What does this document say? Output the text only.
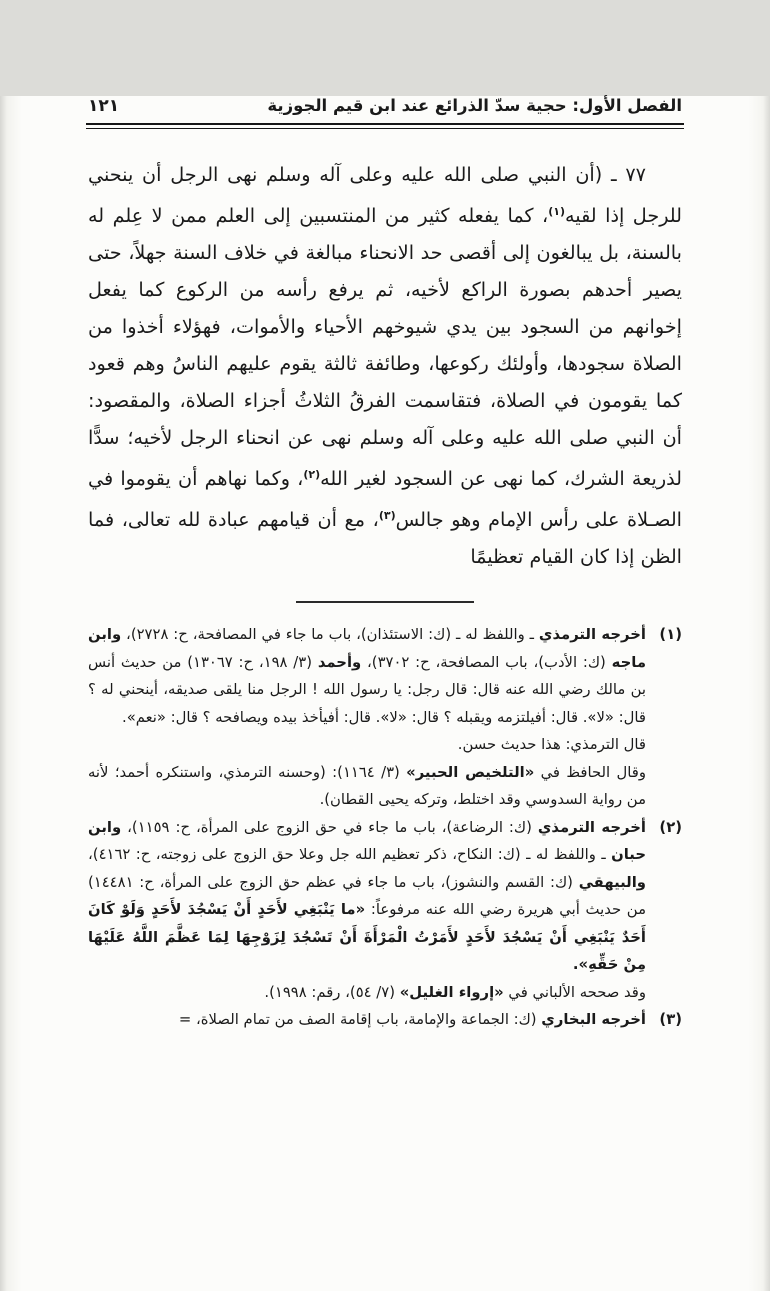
الفصل الأول: حجية سدّ الذرائع عند ابن قيم الجوزية
١٢١

٧٧ ـ (أن النبي صلى الله عليه وعلى آله وسلم نهى الرجل أن ينحني للرجل إذا لقيه$^{(١)}$، كما يفعله كثير من المنتسبين إلى العلم ممن لا عِلم له بالسنة، بل يبالغون إلى أقصى حد الانحناء مبالغة في خلاف السنة جهلاً، حتى يصير أحدهم بصورة الراكع لأخيه، ثم يرفع رأسه من الركوع كما يفعل إخوانهم من السجود بين يدي شيوخهم الأحياء والأموات، فهؤلاء أخذوا من الصلاة سجودها، وأولئك ركوعها، وطائفة ثالثة يقوم عليهم الناسُ وهم قعود كما يقومون في الصلاة، فتقاسمت الفرقُ الثلاثُ أجزاء الصلاة، والمقصود: أن النبي صلى الله عليه وعلى آله وسلم نهى عن انحناء الرجل لأخيه؛ سدًّا لذريعة الشرك، كما نهى عن السجود لغير الله$^{(٢)}$، وكما نهاهم أن يقوموا في الصـلاة على رأس الإمام وهو جالس$^{(٣)}$، مع أن قيامهم عبادة لله تعالى، فما الظن إذا كان القيام تعظيمًا

(١)
أخرجه الترمذي ـ واللفظ له ـ (ك: الاستئذان)، باب ما جاء في المصافحة، ح: ٢٧٢٨)، وابن ماجه (ك: الأدب)، باب المصافحة، ح: ٣٧٠٢)، وأحمد (٣/ ١٩٨، ح: ١٣٠٦٧) من حديث أنس بن مالك رضي الله عنه قال: قال رجل: يا رسول الله ! الرجل منا يلقى صديقه، أينحني له ؟ قال: «لا». قال: أفيلتزمه ويقبله ؟ قال: «لا». قال: أفيأخذ بيده ويصافحه ؟ قال: «نعم».
قال الترمذي: هذا حديث حسن.
وقال الحافظ في «التلخيص الحبير» (٣/ ١١٦٤): (وحسنه الترمذي، واستنكره أحمد؛ لأنه من رواية السدوسي وقد اختلط، وتركه يحيى القطان).
(٢)
أخرجه الترمذي (ك: الرضاعة)، باب ما جاء في حق الزوج على المرأة، ح: ١١٥٩)، وابن حبان ـ واللفظ له ـ (ك: النكاح، ذكر تعظيم الله جل وعلا حق الزوج على زوجته، ح: ٤١٦٢)، والبيهقي (ك: القسم والنشوز)، باب ما جاء في عظم حق الزوج على المرأة، ح: ١٤٤٨١) من حديث أبي هريرة رضي الله عنه مرفوعاً: «ما يَنْبَغِي لأَحَدٍ أَنْ يَسْجُدَ لأَحَدٍ وَلَوْ كَانَ أَحَدٌ يَنْبَغِي أَنْ يَسْجُدَ لأَحَدٍ لأَمَرْتُ الْمَرْأَةَ أَنْ تَسْجُدَ لِزَوْجِهَا لِمَا عَظَّمَ اللَّهُ عَلَيْهَا مِنْ حَقِّهِ».
وقد صححه الألباني في «إرواء الغليل» (٧/ ٥٤)، رقم: ١٩٩٨).
(٣)
أخرجه البخاري (ك: الجماعة والإمامة، باب إقامة الصف من تمام الصلاة، =
